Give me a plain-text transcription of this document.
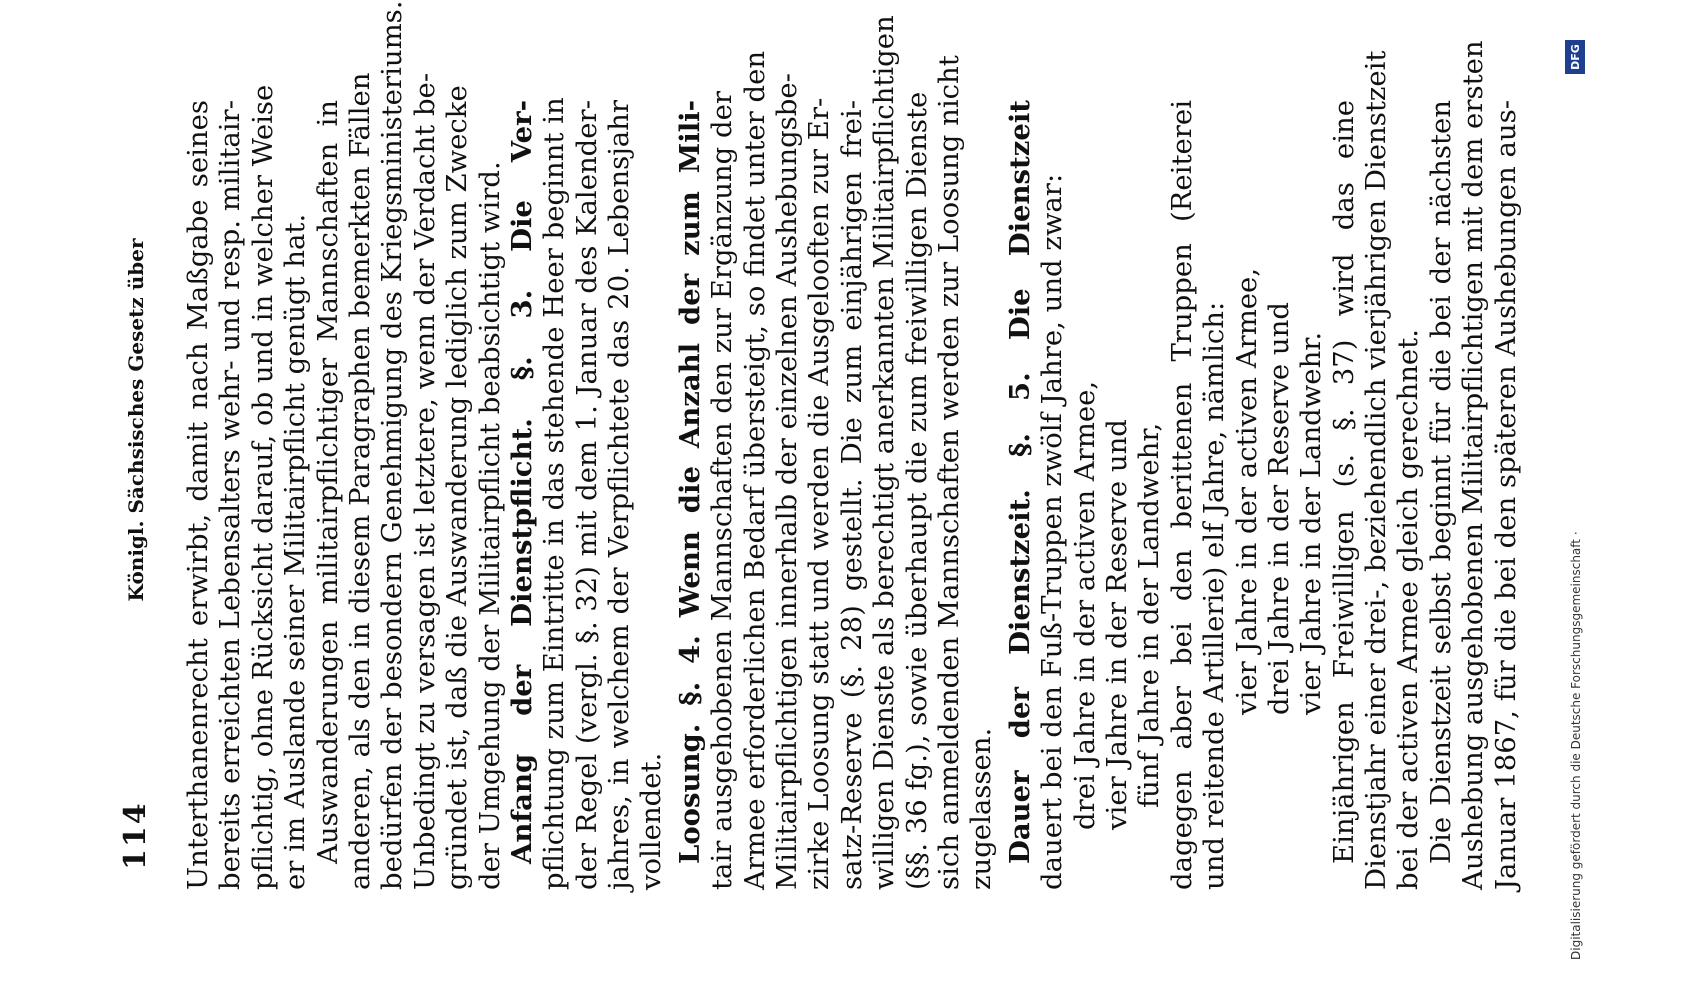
114
Königl. Sächsisches Gesetz über Unterthanenrecht erwirbt, damit nach Maßgabe seines bereits erreichten Lebensalters wehr- und resp. militair- pflichtig, ohne Rücksicht darauf, ob und in welcher Weise er im Auslande seiner Militairpflicht genügt hat. Auswanderungen militairpflichtiger Mannschaften in anderen, als den in diesem Paragraphen bemerkten Fällen bedürfen der besondern Genehmigung des Kriegsministeriums. Unbedingt zu versagen ist letztere, wenn der Verdacht be- gründet ist, daß die Auswanderung lediglich zum Zwecke der Umgehung der Militairpflicht beabsichtigt wird. Anfang der Dienstpflicht. §. 3. Die Ver- pflichtung zum Eintritte in das stehende Heer beginnt in der Regel (vergl. §. 32) mit dem 1. Januar des Kalender- jahres, in welchem der Verpflichtete das 20. Lebensjahr vollendet. Loosung. §. 4. Wenn die Anzahl der zum Mili- tair ausgehobenen Mannschaften den zur Ergänzung der Armee erforderlichen Bedarf übersteigt, so findet unter den Militairpflichtigen innerhalb der einzelnen Aushebungsbe- zirke Loosung statt und werden die Ausgelooften zur Er- satz-Reserve (§. 28) gestellt. Die zum einjährigen frei- willigen Dienste als berechtigt anerkannten Militairpflichtigen (§§. 36 fg.), sowie überhaupt die zum freiwilligen Dienste sich anmeldenden Mannschaften werden zur Loosung nicht zugelassen. Dauer der Dienstzeit. §. 5. Die Dienstzeit dauert bei den Fuß-Truppen zwölf Jahre, und zwar: drei Jahre in der activen Armee, vier Jahre in der Reserve und fünf Jahre in der Landwehr, dagegen aber bei den berittenen Truppen (Reiterei und reitende Artillerie) elf Jahre, nämlich: vier Jahre in der activen Armee, drei Jahre in der Reserve und vier Jahre in der Landwehr. Einjährigen Freiwilligen (s. §. 37) wird das eine Dienstjahr einer drei-, beziehendlich vierjährigen Dienstzeit bei der activen Armee gleich gerechnet. Die Dienstzeit selbst beginnt für die bei der nächsten Aushebung ausgehobenen Militairpflichtigen mit dem ersten Januar 1867, für die bei den späteren Aushebungen aus-	Digitalisierung gefördert durch die Deutsche Forschungsgemeinschaft ·
DFG
